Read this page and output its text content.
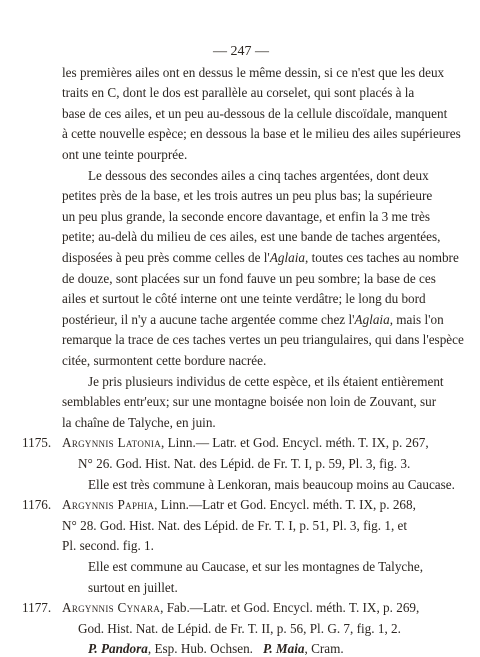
— 247 —
les premières ailes ont en dessus le même dessin, si ce n'est que les deux
traits en C, dont le dos est parallèle au corselet, qui sont placés à la
base de ces ailes, et un peu au-dessous de la cellule discoïdale, manquent
à cette nouvelle espèce; en dessous la base et le milieu des ailes supérieures
ont une teinte pourprée.
Le dessous des secondes ailes a cinq taches argentées, dont deux
petites près de la base, et les trois autres un peu plus bas; la supérieure
un peu plus grande, la seconde encore davantage, et enfin la 3 me très
petite; au-delà du milieu de ces ailes, est une bande de taches argentées,
disposées à peu près comme celles de l'Aglaia, toutes ces taches au nombre
de douze, sont placées sur un fond fauve un peu sombre; la base de ces
ailes et surtout le côté interne ont une teinte verdâtre; le long du bord
postérieur, il n'y a aucune tache argentée comme chez l'Aglaia, mais l'on
remarque la trace de ces taches vertes un peu triangulaires, qui dans l'espèce
citée, surmontent cette bordure nacrée.
Je pris plusieurs individus de cette espèce, et ils étaient entièrement
semblables entr'eux; sur une montagne boisée non loin de Zouvant, sur
la chaîne de Talyche, en juin.
1175. Argynnis Latonia, Linn.— Latr. et God. Encycl. méth. T. IX, p. 267,
N° 26. God. Hist. Nat. des Lépid. de Fr. T. I, p. 59, Pl. 3, fig. 3.
Elle est très commune à Lenkoran, mais beaucoup moins au Caucase.
1176. Argynnis Paphia, Linn.—Latr et God. Encycl. méth. T. IX, p. 268,
N° 28. God. Hist. Nat. des Lépid. de Fr. T. I, p. 51, Pl. 3, fig. 1, et
Pl. second. fig. 1.
Elle est commune au Caucase, et sur les montagnes de Talyche,
surtout en juillet.
1177. Argynnis Cynara, Fab.—Latr. et God. Encycl. méth. T. IX, p. 269,
God. Hist. Nat. de Lépid. de Fr. T. II, p. 56, Pl. G. 7, fig. 1, 2.
P. Pandora, Esp. Hub. Ochsen. P. Maia, Cram.
